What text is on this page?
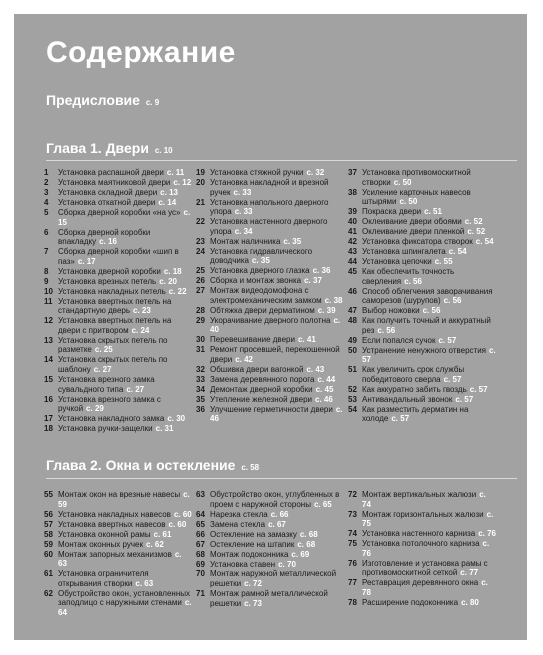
Содержание
Предисловие с. 9
Глава 1. Двери с. 10
1	Установка распашной двери с. 11
2	Установка маятниковой двери с. 12
3	Установка складной двери с. 13
4	Установка откатной двери с. 14
5	Сборка дверной коробки «на ус» с. 15
6	Сборка дверной коробки вnaкладку с. 16
7	Сборка дверной коробки «шип в паз» с. 17
8	Установка дверной коробки с. 18
9	Установка врезных петель с. 20
10 Установка накладных петель с. 22
11 Установка ввертных петель на стандартную дверь с. 23
12 Установка ввертных петель на двери с притвором с. 24
13 Установка скрытых петель по разметке с. 25
14 Установка скрытых петель по шаблону с. 27
15 Установка врезного замка сувальдного типа с. 27
16 Установка врезного замка с ручкой с. 29
17 Установка накладного замка с. 30
18 Установка ручки-защелки с. 31
19 Установка стяжной ручки с. 32
20 Установка накладной и врезной ручек с. 33
21 Установка напольного дверного упора с. 33
22 Установка настенного дверного упора с. 34
23 Монтаж наличника с. 35
24 Установка гидравлического доводчика с. 35
25 Установка дверного глазка с. 36
26 Сборка и монтаж звонка с. 37
27 Монтаж видеодомофона с электромеханическим замком с. 38
28 Обтяжка двери дерматином с. 39
29 Укорачивание дверного полотна с. 40
30 Перевешивание двери с. 41
31 Ремонт просевшей, перекошенной двери с. 42
32 Обшивка двери вагонкой с. 43
33 Замена деревянного порога с. 44
34 Демонтаж дверной коробки с. 45
35 Утепление железной двери с. 46
36 Улучшение герметичности двери с. 46
37 Установка противомоскитной створки с. 50
38 Усиление карточных навесов штырями с. 50
39 Покраска двери с. 51
40 Оклеивание двери обоями с. 52
41 Оклеивание двери пленкой с. 52
42 Установка фиксатора створок с. 54
43 Установка шпингалета с. 54
44 Установка цепочки с. 55
45 Как обеспечить точность сверления с. 56
46 Способ облегчения заворачивания саморезов (шурупов) с. 56
47 Выбор ножовки с. 56
48 Как получить точный и аккуратный рез с. 56
49 Если попался сучок с. 57
50 Устранение ненужного отверстия с. 57
51 Как увеличить срок службы победитового сверла с. 57
52 Как аккуратно забить гвоздь с. 57
53 Антивандальный звонок с. 57
54 Как разместить дерматин на холоде с. 57
Глава 2. Окна и остекление с. 58
55 Монтаж окон на врезные навесы с. 59
56 Установка накладных навесов с. 60
57 Установка ввертных навесов с. 60
58 Установка оконной рамы с. 61
59 Монтаж оконных ручек с. 62
60 Монтаж запорных механизмов с. 63
61 Установка ограничителя открывания створки с. 63
62 Обустройство окон, установленных заподлицо с наружными стенами с. 64
63 Обустройство окон, углубленных в проем с наружной стороны с. 65
64 Нарезка стекла с. 66
65 Замена стекла с. 67
66 Остекление на замазку с. 68
67 Остекление на штапик с. 68
68 Монтаж подоконника с. 69
69 Установка ставен с. 70
70 Монтаж наружной металлической решетки с. 72
71 Монтаж рамной металлической решетки с. 73
72 Монтаж вертикальных жалюзи с. 74
73 Монтаж горизонтальных жалюзи с. 75
74 Установка настенного карниза с. 76
75 Установка потолочного карниза с. 76
76 Изготовление и установка рамы с противомоскитной сеткой с. 77
77 Реставрация деревянного окна с. 78
78 Расширение подоконника с. 80
